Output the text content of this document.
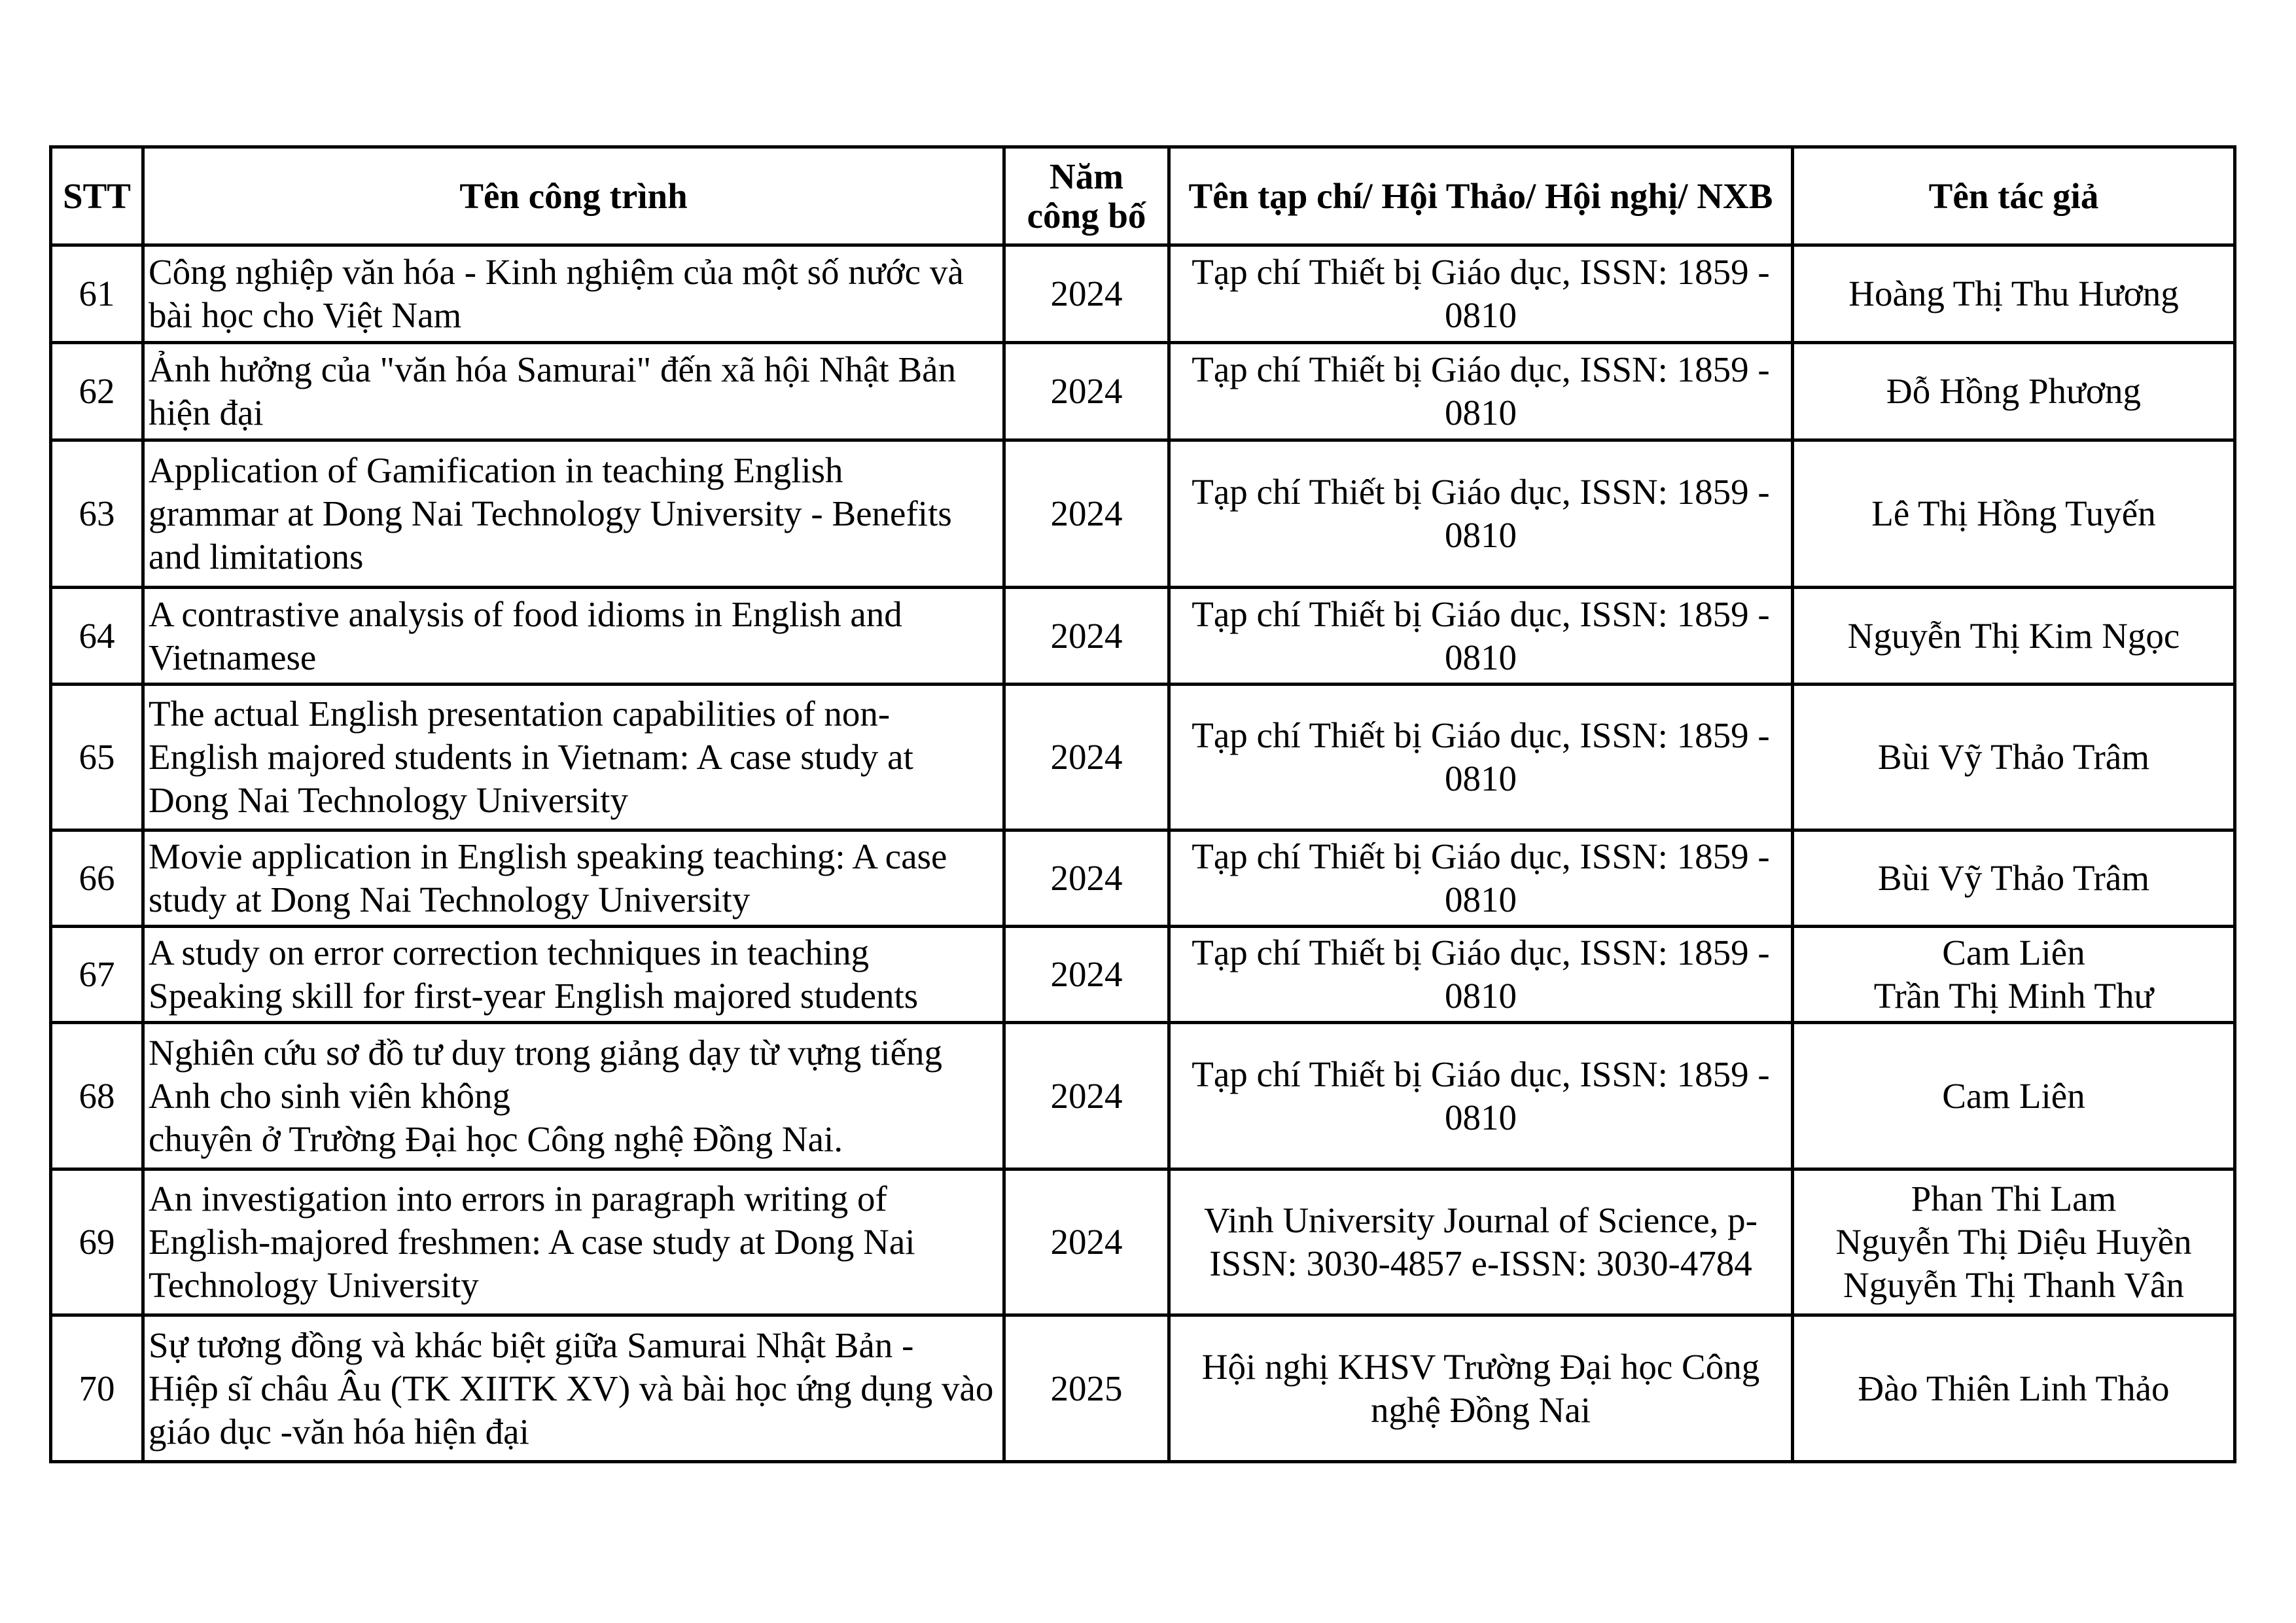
STT	Tên công trình	Năm
công bố	Tên tạp chí/ Hội Thảo/ Hội nghị/ NXB	Tên tác giả
61	Công nghiệp văn hóa - Kinh nghiệm của một số nước và
bài học cho Việt Nam	2024	Tạp chí Thiết bị Giáo dục, ISSN: 1859 -
0810	Hoàng Thị Thu Hương

62	Ảnh hưởng của "văn hóa Samurai" đến xã hội Nhật Bản
hiện đại	2024	Tạp chí Thiết bị Giáo dục, ISSN: 1859 -
0810	Đỗ Hồng Phương

63	Application of Gamification in teaching English
grammar at Dong Nai Technology University - Benefits
and limitations	2024	Tạp chí Thiết bị Giáo dục, ISSN: 1859 -
0810	Lê Thị Hồng Tuyến

64	A contrastive analysis of food idioms in English and
Vietnamese	2024	Tạp chí Thiết bị Giáo dục, ISSN: 1859 -
0810	Nguyễn Thị Kim Ngọc

65	The actual English presentation capabilities of non-
English majored students in Vietnam: A case study at
Dong Nai Technology University	2024	Tạp chí Thiết bị Giáo dục, ISSN: 1859 -
0810	Bùi Vỹ Thảo Trâm

66	Movie application in English speaking teaching: A case
study at Dong Nai Technology University	2024	Tạp chí Thiết bị Giáo dục, ISSN: 1859 -
0810	Bùi Vỹ Thảo Trâm

67	A study on error correction techniques in teaching
Speaking skill for first-year English majored students	2024	Tạp chí Thiết bị Giáo dục, ISSN: 1859 -
0810	Cam Liên
Trần Thị Minh Thư

68	Nghiên cứu sơ đồ tư duy trong giảng dạy từ vựng tiếng
Anh cho sinh viên không
chuyên ở Trường Đại học Công nghệ Đồng Nai.	2024	Tạp chí Thiết bị Giáo dục, ISSN: 1859 -
0810	Cam Liên

69	An investigation into errors in paragraph writing of
English-majored freshmen: A case study at Dong Nai
Technology University	2024	Vinh University Journal of Science, p-
ISSN: 3030-4857 e-ISSN: 3030-4784	Phan Thi Lam
Nguyễn Thị Diệu Huyền
Nguyễn Thị Thanh Vân

70	Sự tương đồng và khác biệt giữa Samurai Nhật Bản -
Hiệp sĩ châu Âu (TK XIITK XV) và bài học ứng dụng vào
giáo dục -văn hóa hiện đại	2025	Hội nghị KHSV Trường Đại học Công
nghệ Đồng Nai	Đào Thiên Linh Thảo
